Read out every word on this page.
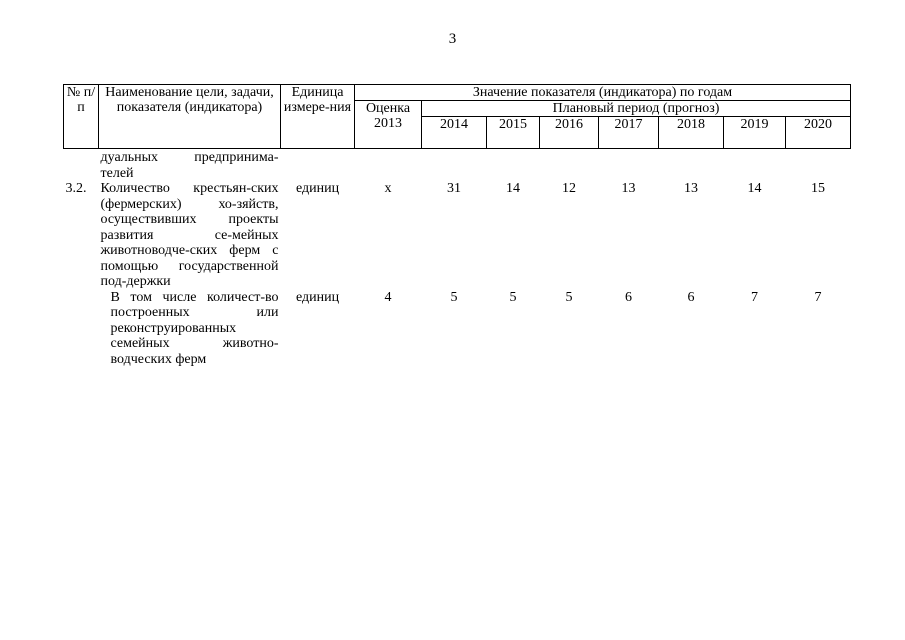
3
№ п/п	Наименование цели, задачи, показателя (индикатора)	Единица измере-ния	Значение показателя (индикатора) по годам							
			Оценка 2013	Плановый период (прогноз)						
				2014	2015	2016	2017	2018	2019	2020
	дуальных предпринима-телей									
3.2.	Количество крестьян-ских (фермерских) хо-зяйств, осуществивших проекты развития се-мейных животноводче-ских ферм с помощью государственной под-держки	единиц	х	31	14	12	13	13	14	15
	В том числе количест-во построенных или реконструированных семейных животно-водческих ферм	единиц	4	5	5	5	6	6	7	7
